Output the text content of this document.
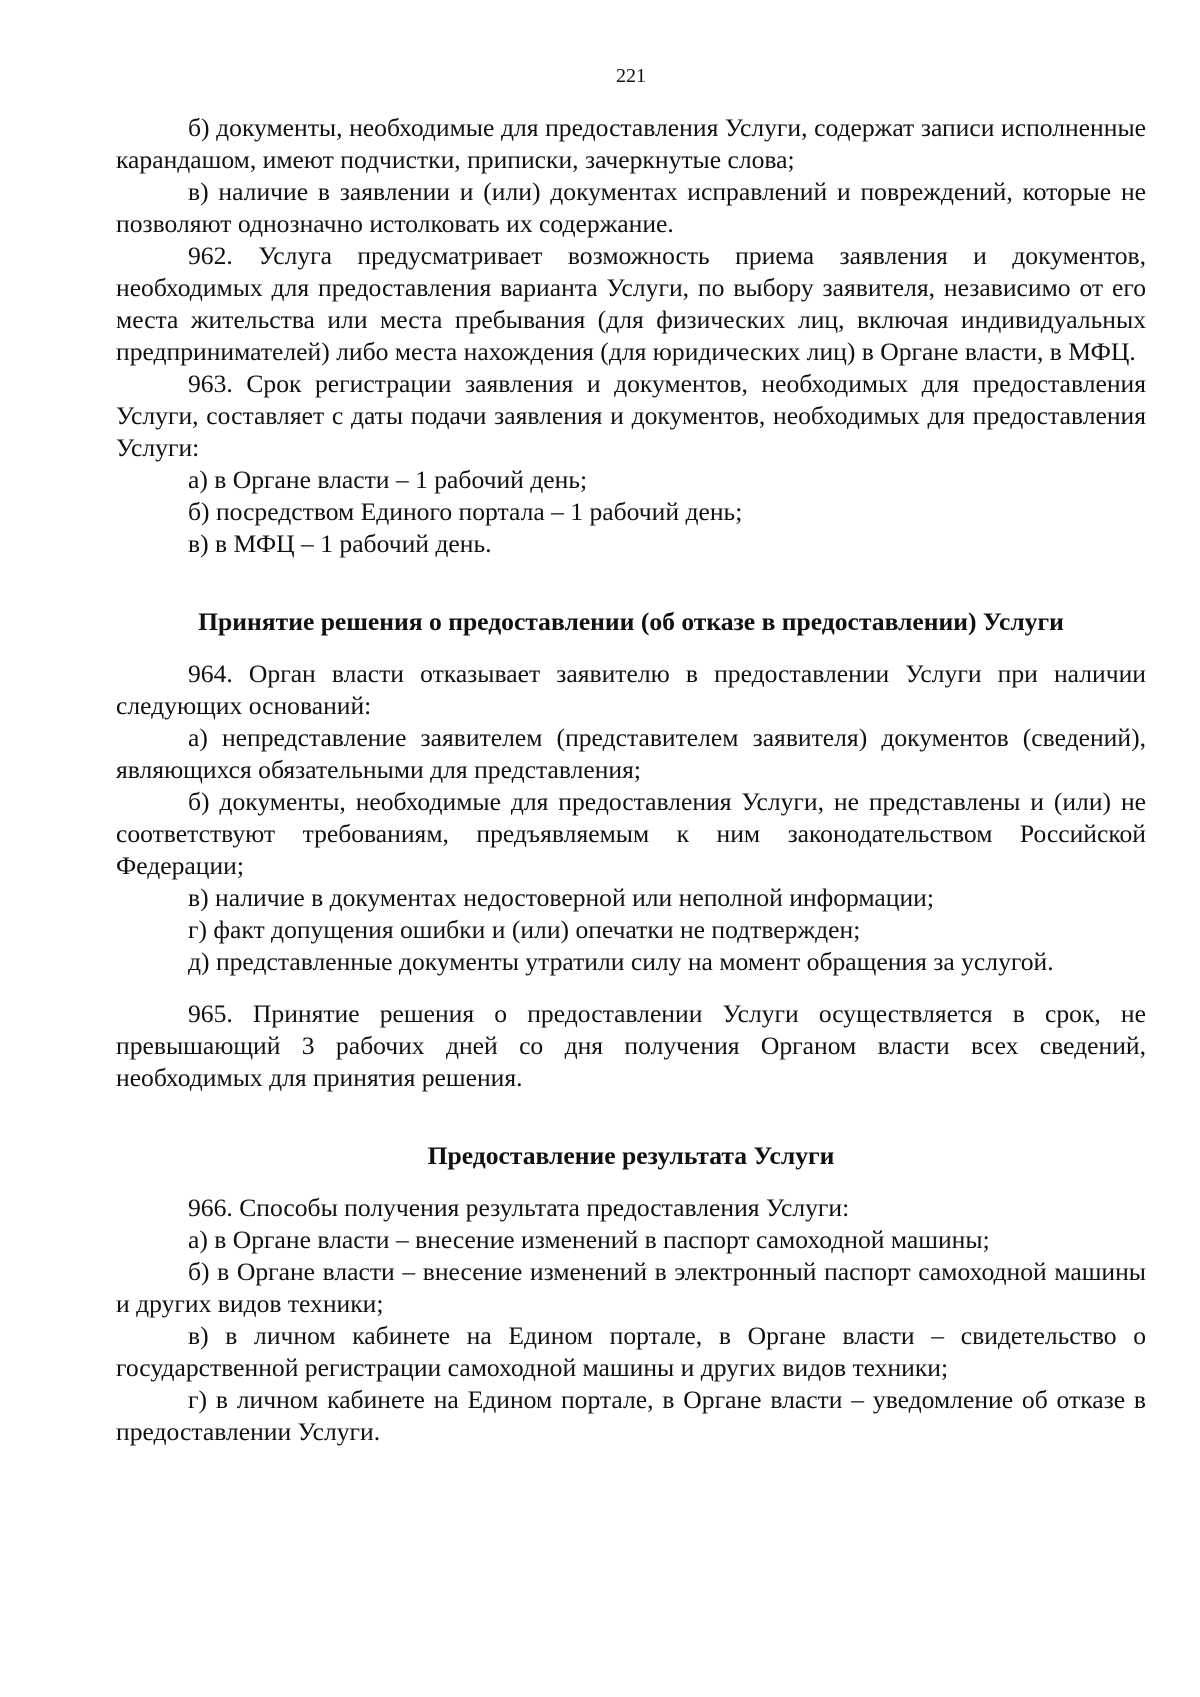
221

б) документы, необходимые для предоставления Услуги, содержат записи исполненные карандашом, имеют подчистки, приписки, зачеркнутые слова;

в) наличие в заявлении и (или) документах исправлений и повреждений, которые не позволяют однозначно истолковать их содержание.

962. Услуга предусматривает возможность приема заявления и документов, необходимых для предоставления варианта Услуги, по выбору заявителя, независимо от его места жительства или места пребывания (для физических лиц, включая индивидуальных предпринимателей) либо места нахождения (для юридических лиц) в Органе власти, в МФЦ.

963. Срок регистрации заявления и документов, необходимых для предоставления Услуги, составляет с даты подачи заявления и документов, необходимых для предоставления Услуги:

а) в Органе власти – 1 рабочий день;

б) посредством Единого портала – 1 рабочий день;

в) в МФЦ – 1 рабочий день.

Принятие решения о предоставлении (об отказе в предоставлении) Услуги

964. Орган власти отказывает заявителю в предоставлении Услуги при наличии следующих оснований:

а) непредставление заявителем (представителем заявителя) документов (сведений), являющихся обязательными для представления;

б) документы, необходимые для предоставления Услуги, не представлены и (или) не соответствуют требованиям, предъявляемым к ним законодательством Российской Федерации;

в) наличие в документах недостоверной или неполной информации;

г) факт допущения ошибки и (или) опечатки не подтвержден;

д) представленные документы утратили силу на момент обращения за услугой.

965. Принятие решения о предоставлении Услуги осуществляется в срок, не превышающий 3 рабочих дней со дня получения Органом власти всех сведений, необходимых для принятия решения.

Предоставление результата Услуги

966. Способы получения результата предоставления Услуги:

а) в Органе власти – внесение изменений в паспорт самоходной машины;

б) в Органе власти – внесение изменений в электронный паспорт самоходной машины и других видов техники;

в) в личном кабинете на Едином портале, в Органе власти – свидетельство о государственной регистрации самоходной машины и других видов техники;

г) в личном кабинете на Едином портале, в Органе власти – уведомление об отказе в предоставлении Услуги.
